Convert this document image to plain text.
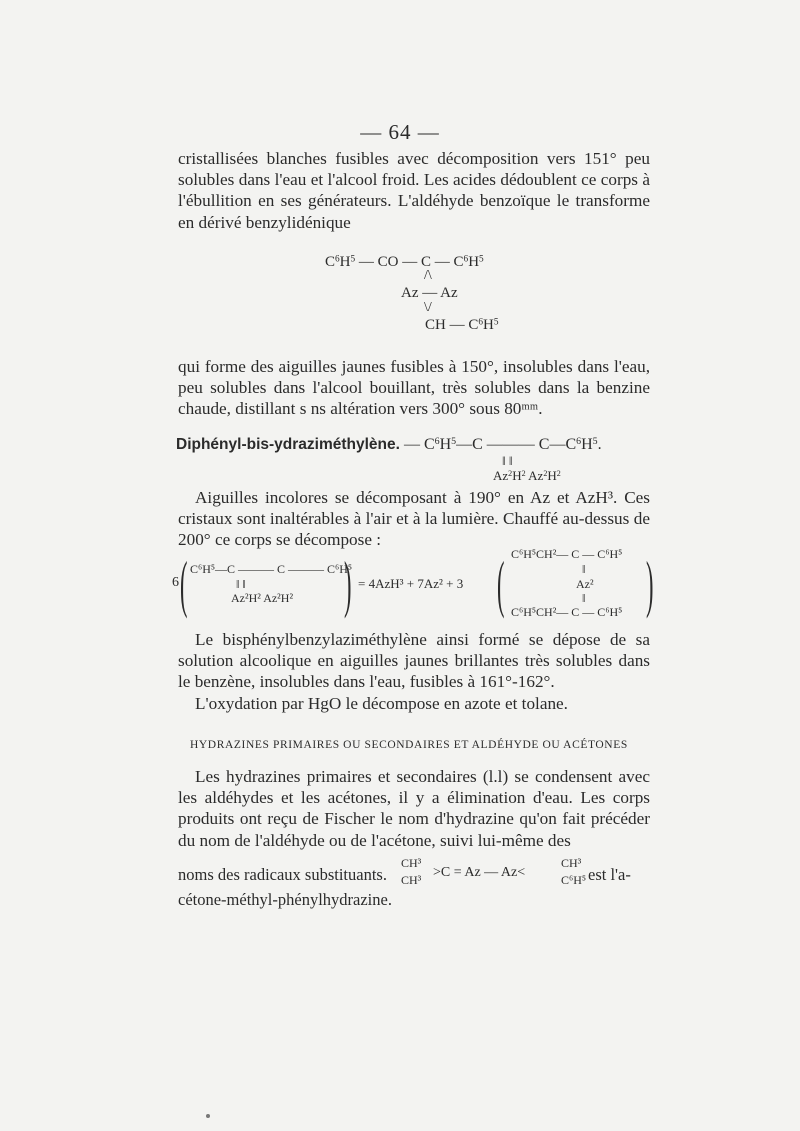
— 64 —

cristallisées blanches fusibles avec décomposition vers 151° peu solubles dans l'eau et l'alcool froid. Les acides dédoublent ce corps à l'ébullition en ses générateurs. L'aldéhyde benzoïque le transforme en dérivé benzylidénique

$C^6H^5$ — CO — C — $C^6H^5$
/\
Az — Az
\/
CH — $C^6H^5$

qui forme des aiguilles jaunes fusibles à 150°, insolubles dans l'eau, peu solubles dans l'alcool bouillant, très solubles dans la benzine chaude, distillant s ns altération vers 300° sous 80ᵐᵐ.

Diphényl-bis-ydraziméthylène. — $C^6H^5—C$ ——— $C—C^6H^5$.
‖ ‖
$Az^2H^2$ $Az^2H^2$

Aiguilles incolores se décomposant à 190° en Az et AzH³. Ces cristaux sont inaltérables à l'air et à la lumière. Chauffé au-dessus de 200° ce corps se décompose :

6 ( C⁶H⁵—C ——— C ——— C⁶H⁵
‖ ‖
Az²H² Az²H² ) = 4AzH³ + 7Az² + 3 ( C⁶H⁵CH²— C — C⁶H⁵
‖
Az²
‖
C⁶H⁵CH²— C — C⁶H⁵ )

Le bisphénylbenzylaziméthylène ainsi formé se dépose de sa solution alcoolique en aiguilles jaunes brillantes très solubles dans le benzène, insolubles dans l'eau, fusibles à 161°-162°.

L'oxydation par HgO le décompose en azote et tolane.

HYDRAZINES PRIMAIRES OU SECONDAIRES ET ALDÉHYDE OU ACÉTONES

Les hydrazines primaires et secondaires (l.l) se condensent avec les aldéhydes et les acétones, il y a élimination d'eau. Les corps produits ont reçu de Fischer le nom d'hydrazine qu'on fait précéder du nom de l'aldéhyde ou de l'acétone, suivi lui-même des

noms des radicaux substituants.
CH³
CH³ >C = Az — Az<
CH³
C⁶H⁵ est l'a-
cétone-méthyl-phénylhydrazine.
